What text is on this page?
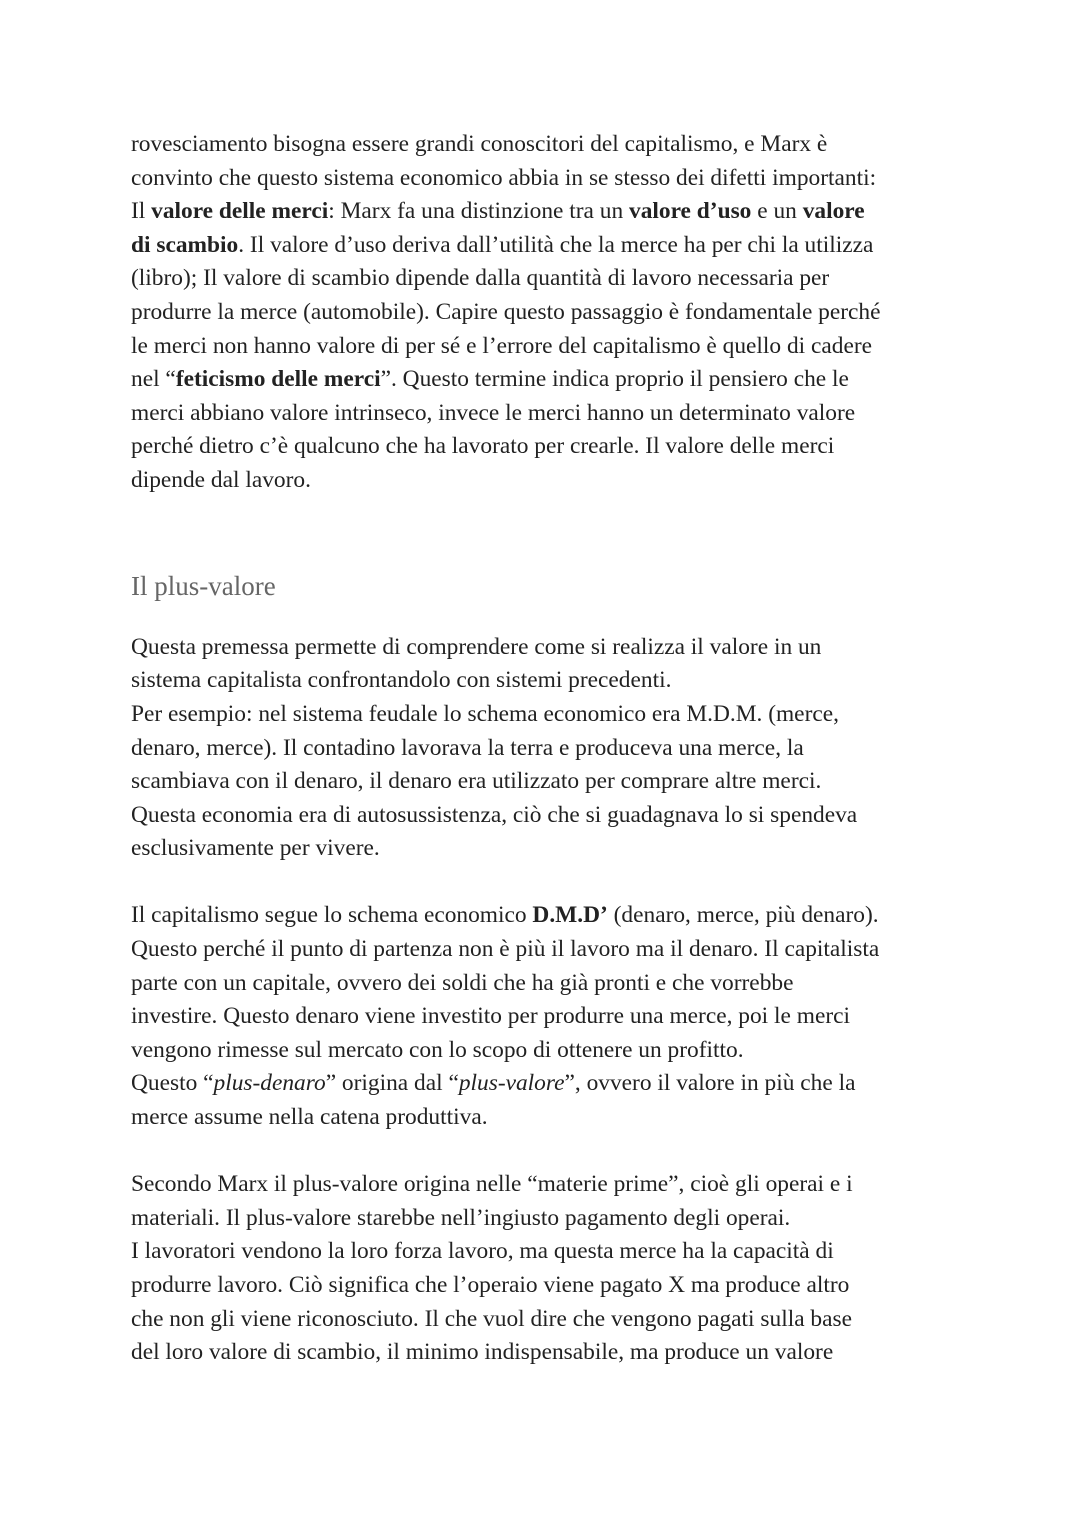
rovesciamento bisogna essere grandi conoscitori del capitalismo, e Marx è
convinto che questo sistema economico abbia in se stesso dei difetti importanti:
Il valore delle merci: Marx fa una distinzione tra un valore d’uso e un valore
di scambio. Il valore d’uso deriva dall’utilità che la merce ha per chi la utilizza
(libro); Il valore di scambio dipende dalla quantità di lavoro necessaria per
produrre la merce (automobile). Capire questo passaggio è fondamentale perché
le merci non hanno valore di per sé e l’errore del capitalismo è quello di cadere
nel “feticismo delle merci”. Questo termine indica proprio il pensiero che le
merci abbiano valore intrinseco, invece le merci hanno un determinato valore
perché dietro c’è qualcuno che ha lavorato per crearle. Il valore delle merci
dipende dal lavoro.
Il plus-valore
Questa premessa permette di comprendere come si realizza il valore in un
sistema capitalista confrontandolo con sistemi precedenti.
Per esempio: nel sistema feudale lo schema economico era M.D.M. (merce,
denaro, merce). Il contadino lavorava la terra e produceva una merce, la
scambiava con il denaro, il denaro era utilizzato per comprare altre merci.
Questa economia era di autosussistenza, ciò che si guadagnava lo si spendeva
esclusivamente per vivere.
Il capitalismo segue lo schema economico D.M.D’ (denaro, merce, più denaro).
Questo perché il punto di partenza non è più il lavoro ma il denaro. Il capitalista
parte con un capitale, ovvero dei soldi che ha già pronti e che vorrebbe
investire. Questo denaro viene investito per produrre una merce, poi le merci
vengono rimesse sul mercato con lo scopo di ottenere un profitto.
Questo “plus-denaro” origina dal “plus-valore”, ovvero il valore in più che la
merce assume nella catena produttiva.
Secondo Marx il plus-valore origina nelle “materie prime”, cioè gli operai e i
materiali. Il plus-valore starebbe nell’ingiusto pagamento degli operai.
I lavoratori vendono la loro forza lavoro, ma questa merce ha la capacità di
produrre lavoro. Ciò significa che l’operaio viene pagato X ma produce altro
che non gli viene riconosciuto. Il che vuol dire che vengono pagati sulla base
del loro valore di scambio, il minimo indispensabile, ma produce un valore
